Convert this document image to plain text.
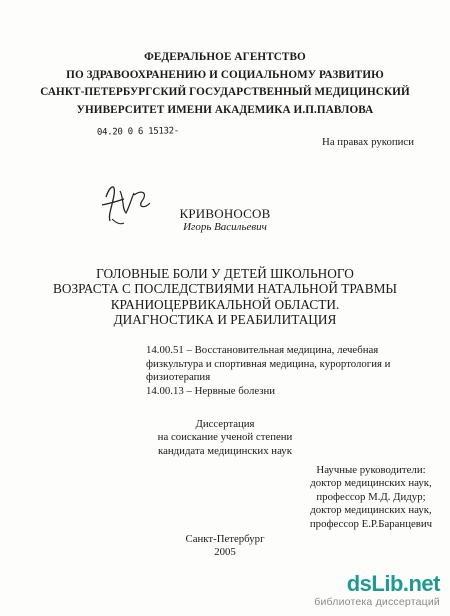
ФЕДЕРАЛЬНОЕ АГЕНТСТВО
ПО ЗДРАВООХРАНЕНИЮ И СОЦИАЛЬНОМУ РАЗВИТИЮ
САНКТ-ПЕТЕРБУРГСКИЙ ГОСУДАРСТВЕННЫЙ МЕДИЦИНСКИЙ
УНИВЕРСИТЕТ ИМЕНИ АКАДЕМИКА И.П.ПАВЛОВА
04.20 0 6 15132-
На правах рукописи
КРИВОНОСОВ
Игорь Васильевич
ГОЛОВНЫЕ БОЛИ У ДЕТЕЙ ШКОЛЬНОГО
ВОЗРАСТА С ПОСЛЕДСТВИЯМИ НАТАЛЬНОЙ ТРАВМЫ
КРАНИОЦЕРВИКАЛЬНОЙ ОБЛАСТИ.
ДИАГНОСТИКА И РЕАБИЛИТАЦИЯ
14.00.51 – Восстановительная медицина, лечебная
физкультура и спортивная медицина, курортология и
физиотерапия
14.00.13 – Нервные болезни
Диссертация
на соискание ученой степени
кандидата медицинских наук
Научные руководители:
доктор медицинских наук,
профессор М.Д. Дидур;
доктор медицинских наук,
профессор Е.Р.Баранцевич
Санкт-Петербург
2005
dsLib.net
библиотека диссертаций
